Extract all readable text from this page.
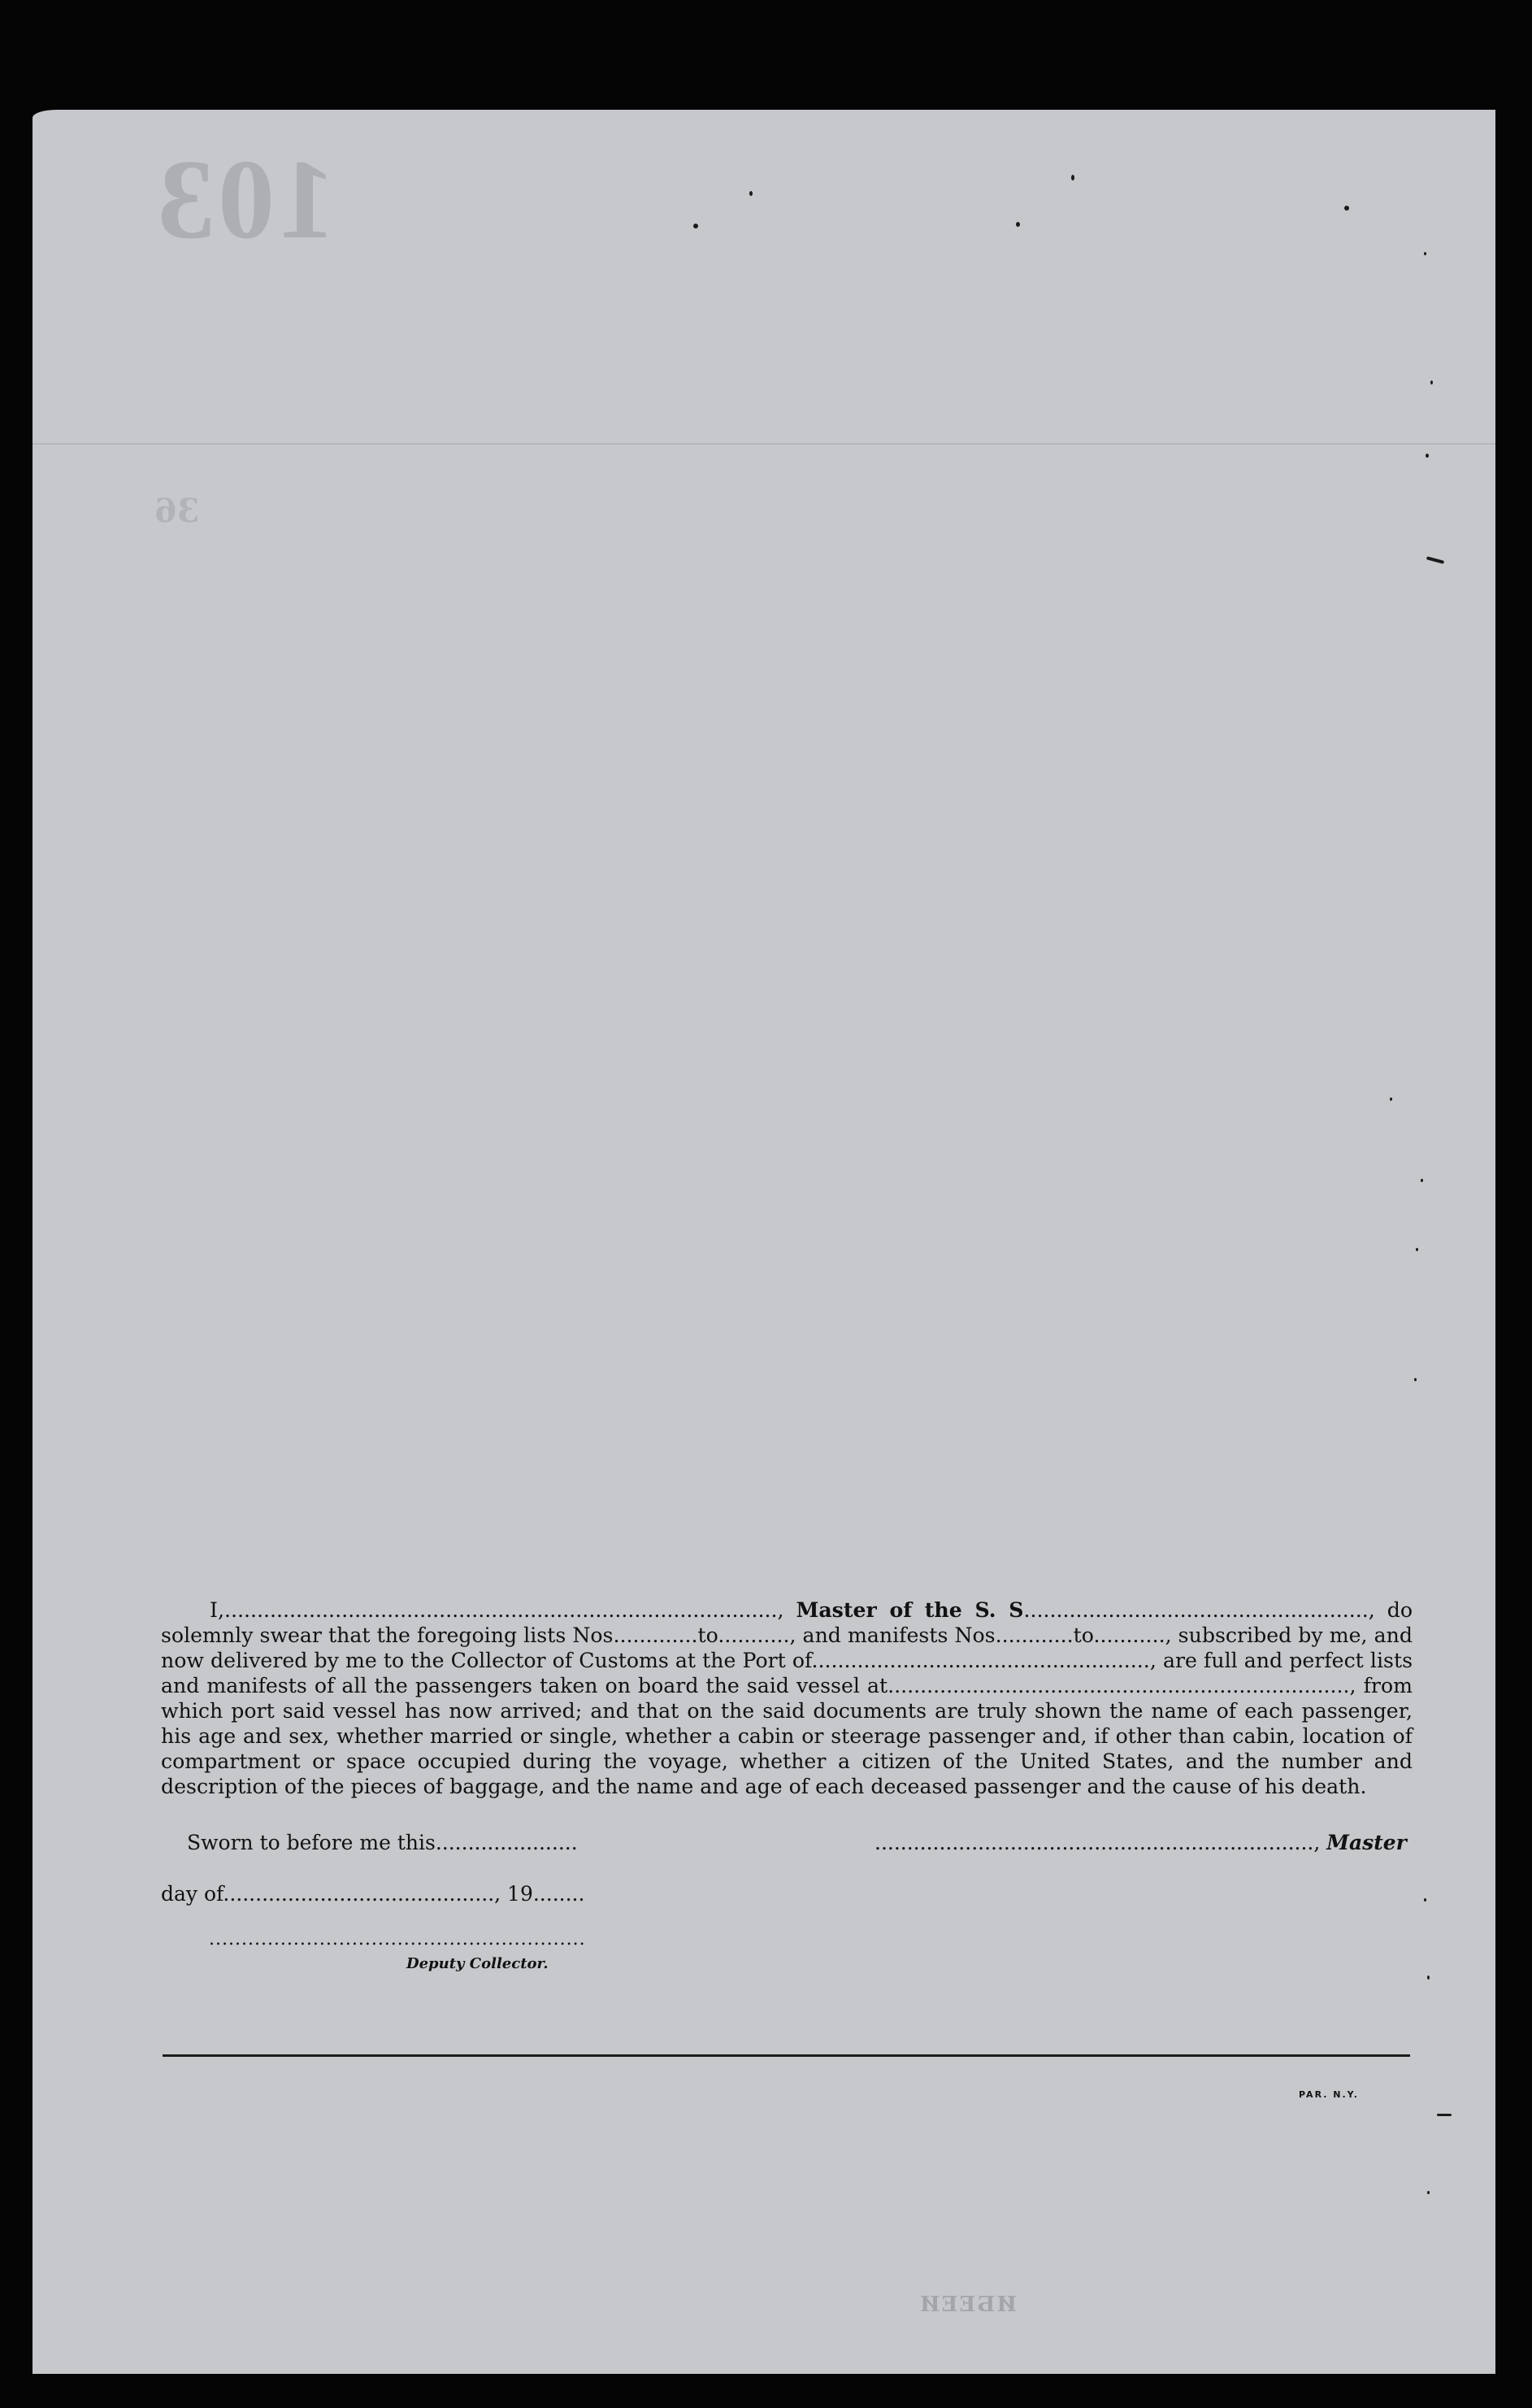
103
36

I,....................................................................................., Master of the S. S....................................................., do solemnly swear that the foregoing lists Nos.............to..........., and manifests Nos............to..........., subscribed by me, and now delivered by me to the Collector of Customs at the Port of...................................................., are full and perfect lists and manifests of all the passengers taken on board the said vessel at......................................................................., from which port said vessel has now arrived; and that on the said documents are truly shown the name of each passenger, his age and sex, whether married or single, whether a cabin or steerage passenger and, if other than cabin, location of compartment or space occupied during the voyage, whether a citizen of the United States, and the number and description of the pieces of baggage, and the name and age of each deceased passenger and the cause of his death.

Sworn to before me this......................	...................................................................., Master
day of.........................................., 19........
..........................................................
Deputy Collector.
PAR. N.Y.
ИБЕЕИ
